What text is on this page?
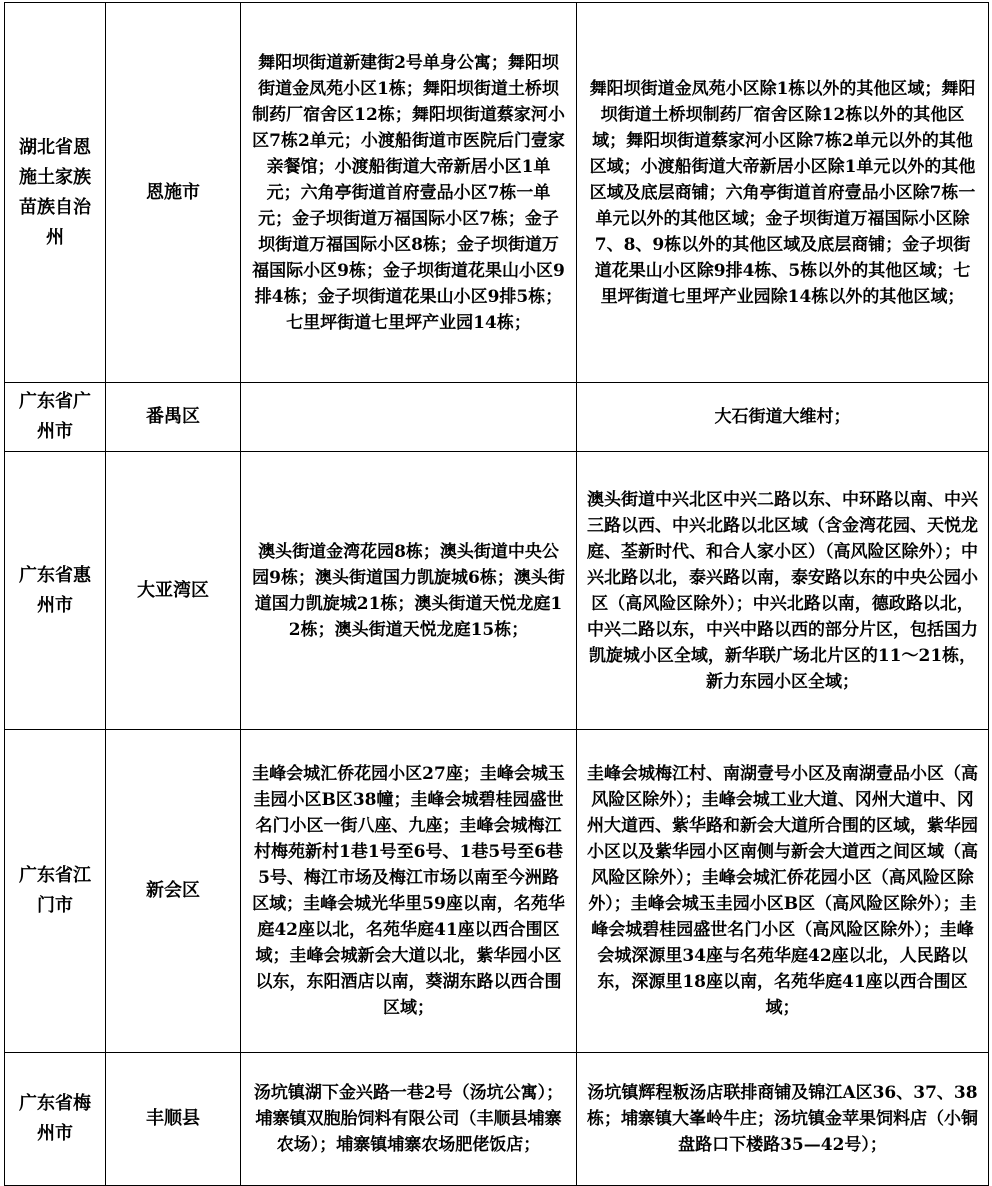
湖北省恩施土家族苗族自治州	恩施市	舞阳坝街道新建街2号单身公寓；舞阳坝街道金凤苑小区1栋；舞阳坝街道土桥坝制药厂宿舍区12栋；舞阳坝街道蔡家河小区7栋2单元；小渡船街道市医院后门壹家亲餐馆；小渡船街道大帝新居小区1单元；六角亭街道首府壹品小区7栋一单元；金子坝街道万福国际小区7栋；金子坝街道万福国际小区8栋；金子坝街道万福国际小区9栋；金子坝街道花果山小区9排4栋；金子坝街道花果山小区9排5栋；七里坪街道七里坪产业园14栋；	舞阳坝街道金凤苑小区除1栋以外的其他区域；舞阳坝街道土桥坝制药厂宿舍区除12栋以外的其他区域；舞阳坝街道蔡家河小区除7栋2单元以外的其他区域；小渡船街道大帝新居小区除1单元以外的其他区域及底层商铺；六角亭街道首府壹品小区除7栋一单元以外的其他区域；金子坝街道万福国际小区除7、8、9栋以外的其他区域及底层商铺；金子坝街道花果山小区除9排4栋、5栋以外的其他区域；七里坪街道七里坪产业园除14栋以外的其他区域；
广东省广州市	番禺区		大石街道大维村；
广东省惠州市	大亚湾区	澳头街道金湾花园8栋；澳头街道中央公园9栋；澳头街道国力凯旋城6栋；澳头街道国力凯旋城21栋；澳头街道天悦龙庭12栋；澳头街道天悦龙庭15栋；	澳头街道中兴北区中兴二路以东、中环路以南、中兴三路以西、中兴北路以北区域（含金湾花园、天悦龙庭、荃新时代、和合人家小区）（高风险区除外）；中兴北路以北，泰兴路以南，泰安路以东的中央公园小区（高风险区除外）；中兴北路以南，德政路以北，中兴二路以东，中兴中路以西的部分片区，包括国力凯旋城小区全域，新华联广场北片区的11～21栋，新力东园小区全域；
广东省江门市	新会区	圭峰会城汇侨花园小区27座；圭峰会城玉圭园小区B区38幢；圭峰会城碧桂园盛世名门小区一街八座、九座；圭峰会城梅江村梅苑新村1巷1号至6号、1巷5号至6巷5号、梅江市场及梅江市场以南至今洲路区域；圭峰会城光华里59座以南，名苑华庭42座以北，名苑华庭41座以西合围区域；圭峰会城新会大道以北，紫华园小区以东，东阳酒店以南，葵湖东路以西合围区域；	圭峰会城梅江村、南湖壹号小区及南湖壹品小区（高风险区除外）；圭峰会城工业大道、冈州大道中、冈州大道西、紫华路和新会大道所合围的区域，紫华园小区以及紫华园小区南侧与新会大道西之间区域（高风险区除外）；圭峰会城汇侨花园小区（高风险区除外）；圭峰会城玉圭园小区B区（高风险区除外）；圭峰会城碧桂园盛世名门小区（高风险区除外）；圭峰会城深源里34座与名苑华庭42座以北，人民路以东，深源里18座以南，名苑华庭41座以西合围区域；
广东省梅州市	丰顺县	汤坑镇湖下金兴路一巷2号（汤坑公寓）；埔寨镇双胞胎饲料有限公司（丰顺县埔寨农场）；埔寨镇埔寨农场肥佬饭店；	汤坑镇辉程粄汤店联排商铺及锦江A区36、37、38栋；埔寨镇大峯岭牛庄；汤坑镇金苹果饲料店（小铜盘路口下楼路35—42号）；
